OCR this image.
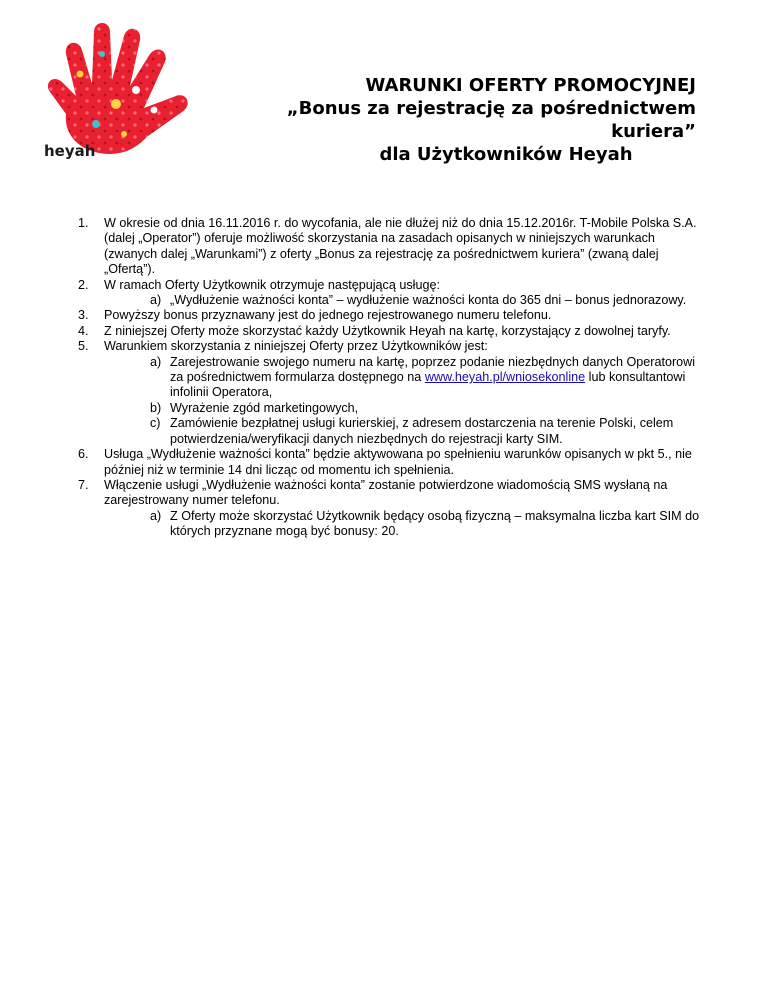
heyah
WARUNKI OFERTY PROMOCYJNEJ
„Bonus za rejestrację za pośrednictwem
kuriera”
dla Użytkowników Heyah
1. W okresie od dnia 16.11.2016 r. do wycofania, ale nie dłużej niż do dnia 15.12.2016r. T-Mobile Polska S.A. (dalej „Operator”) oferuje możliwość skorzystania na zasadach opisanych w niniejszych warunkach (zwanych dalej „Warunkami”) z oferty „Bonus za rejestrację za pośrednictwem kuriera” (zwaną dalej „Ofertą”).
2. W ramach Oferty Użytkownik otrzymuje następującą usługę:
a) „Wydłużenie ważności konta” – wydłużenie ważności konta do 365 dni – bonus jednorazowy.
3. Powyższy bonus przyznawany jest do jednego rejestrowanego numeru telefonu.
4. Z niniejszej Oferty może skorzystać każdy Użytkownik Heyah na kartę, korzystający z dowolnej taryfy.
5. Warunkiem skorzystania z niniejszej Oferty przez Użytkowników jest:
a) Zarejestrowanie swojego numeru na kartę, poprzez podanie niezbędnych danych Operatorowi za pośrednictwem formularza dostępnego na www.heyah.pl/wniosekonline lub konsultantowi infolinii Operatora,
b) Wyrażenie zgód marketingowych,
c) Zamówienie bezpłatnej usługi kurierskiej, z adresem dostarczenia na terenie Polski, celem potwierdzenia/weryfikacji danych niezbędnych do rejestracji karty SIM.
6. Usługa „Wydłużenie ważności konta” będzie aktywowana po spełnieniu warunków opisanych w pkt 5., nie później niż w terminie 14 dni licząc od momentu ich spełnienia.
7. Włączenie usługi „Wydłużenie ważności konta” zostanie potwierdzone wiadomością SMS wysłaną na zarejestrowany numer telefonu.
a) Z Oferty może skorzystać Użytkownik będący osobą fizyczną – maksymalna liczba kart SIM do których przyznane mogą być bonusy: 20.
